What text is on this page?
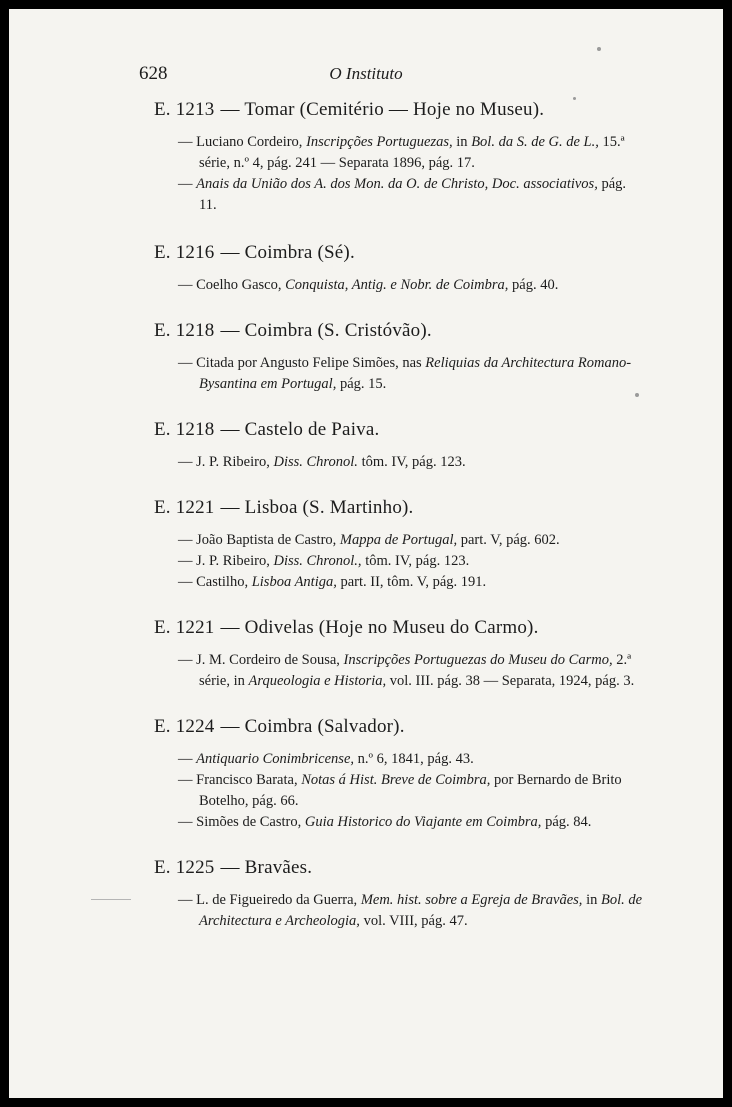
628	O Instituto
E. 1213 — Tomar (Cemitério — Hoje no Museu).
— Luciano Cordeiro, Inscripções Portuguezas, in Bol. da S. de G. de L., 15.ª série, n.º 4, pág. 241 — Separata 1896, pág. 17.
— Anais da União dos A. dos Mon. da O. de Christo, Doc. associativos, pág. 11.
E. 1216 — Coimbra (Sé).
— Coelho Gasco, Conquista, Antig. e Nobr. de Coimbra, pág. 40.
E. 1218 — Coimbra (S. Cristóvão).
— Citada por Angusto Felipe Simões, nas Reliquias da Architectura Romano-Bysantina em Portugal, pág. 15.
E. 1218 — Castelo de Paiva.
— J. P. Ribeiro, Diss. Chronol. tôm. IV, pág. 123.
E. 1221 — Lisboa (S. Martinho).
— João Baptista de Castro, Mappa de Portugal, part. V, pág. 602.
— J. P. Ribeiro, Diss. Chronol., tôm. IV, pág. 123.
— Castilho, Lisboa Antiga, part. II, tôm. V, pág. 191.
E. 1221 — Odivelas (Hoje no Museu do Carmo).
— J. M. Cordeiro de Sousa, Inscripções Portuguezas do Museu do Carmo, 2.ª série, in Arqueologia e Historia, vol. III. pág. 38 — Separata, 1924, pág. 3.
E. 1224 — Coimbra (Salvador).
— Antiquario Conimbricense, n.º 6, 1841, pág. 43.
— Francisco Barata, Notas á Hist. Breve de Coimbra, por Bernardo de Brito Botelho, pág. 66.
— Simões de Castro, Guia Historico do Viajante em Coimbra, pág. 84.
E. 1225 — Bravães.
— L. de Figueiredo da Guerra, Mem. hist. sobre a Egreja de Bravães, in Bol. de Architectura e Archeologia, vol. VIII, pág. 47.
